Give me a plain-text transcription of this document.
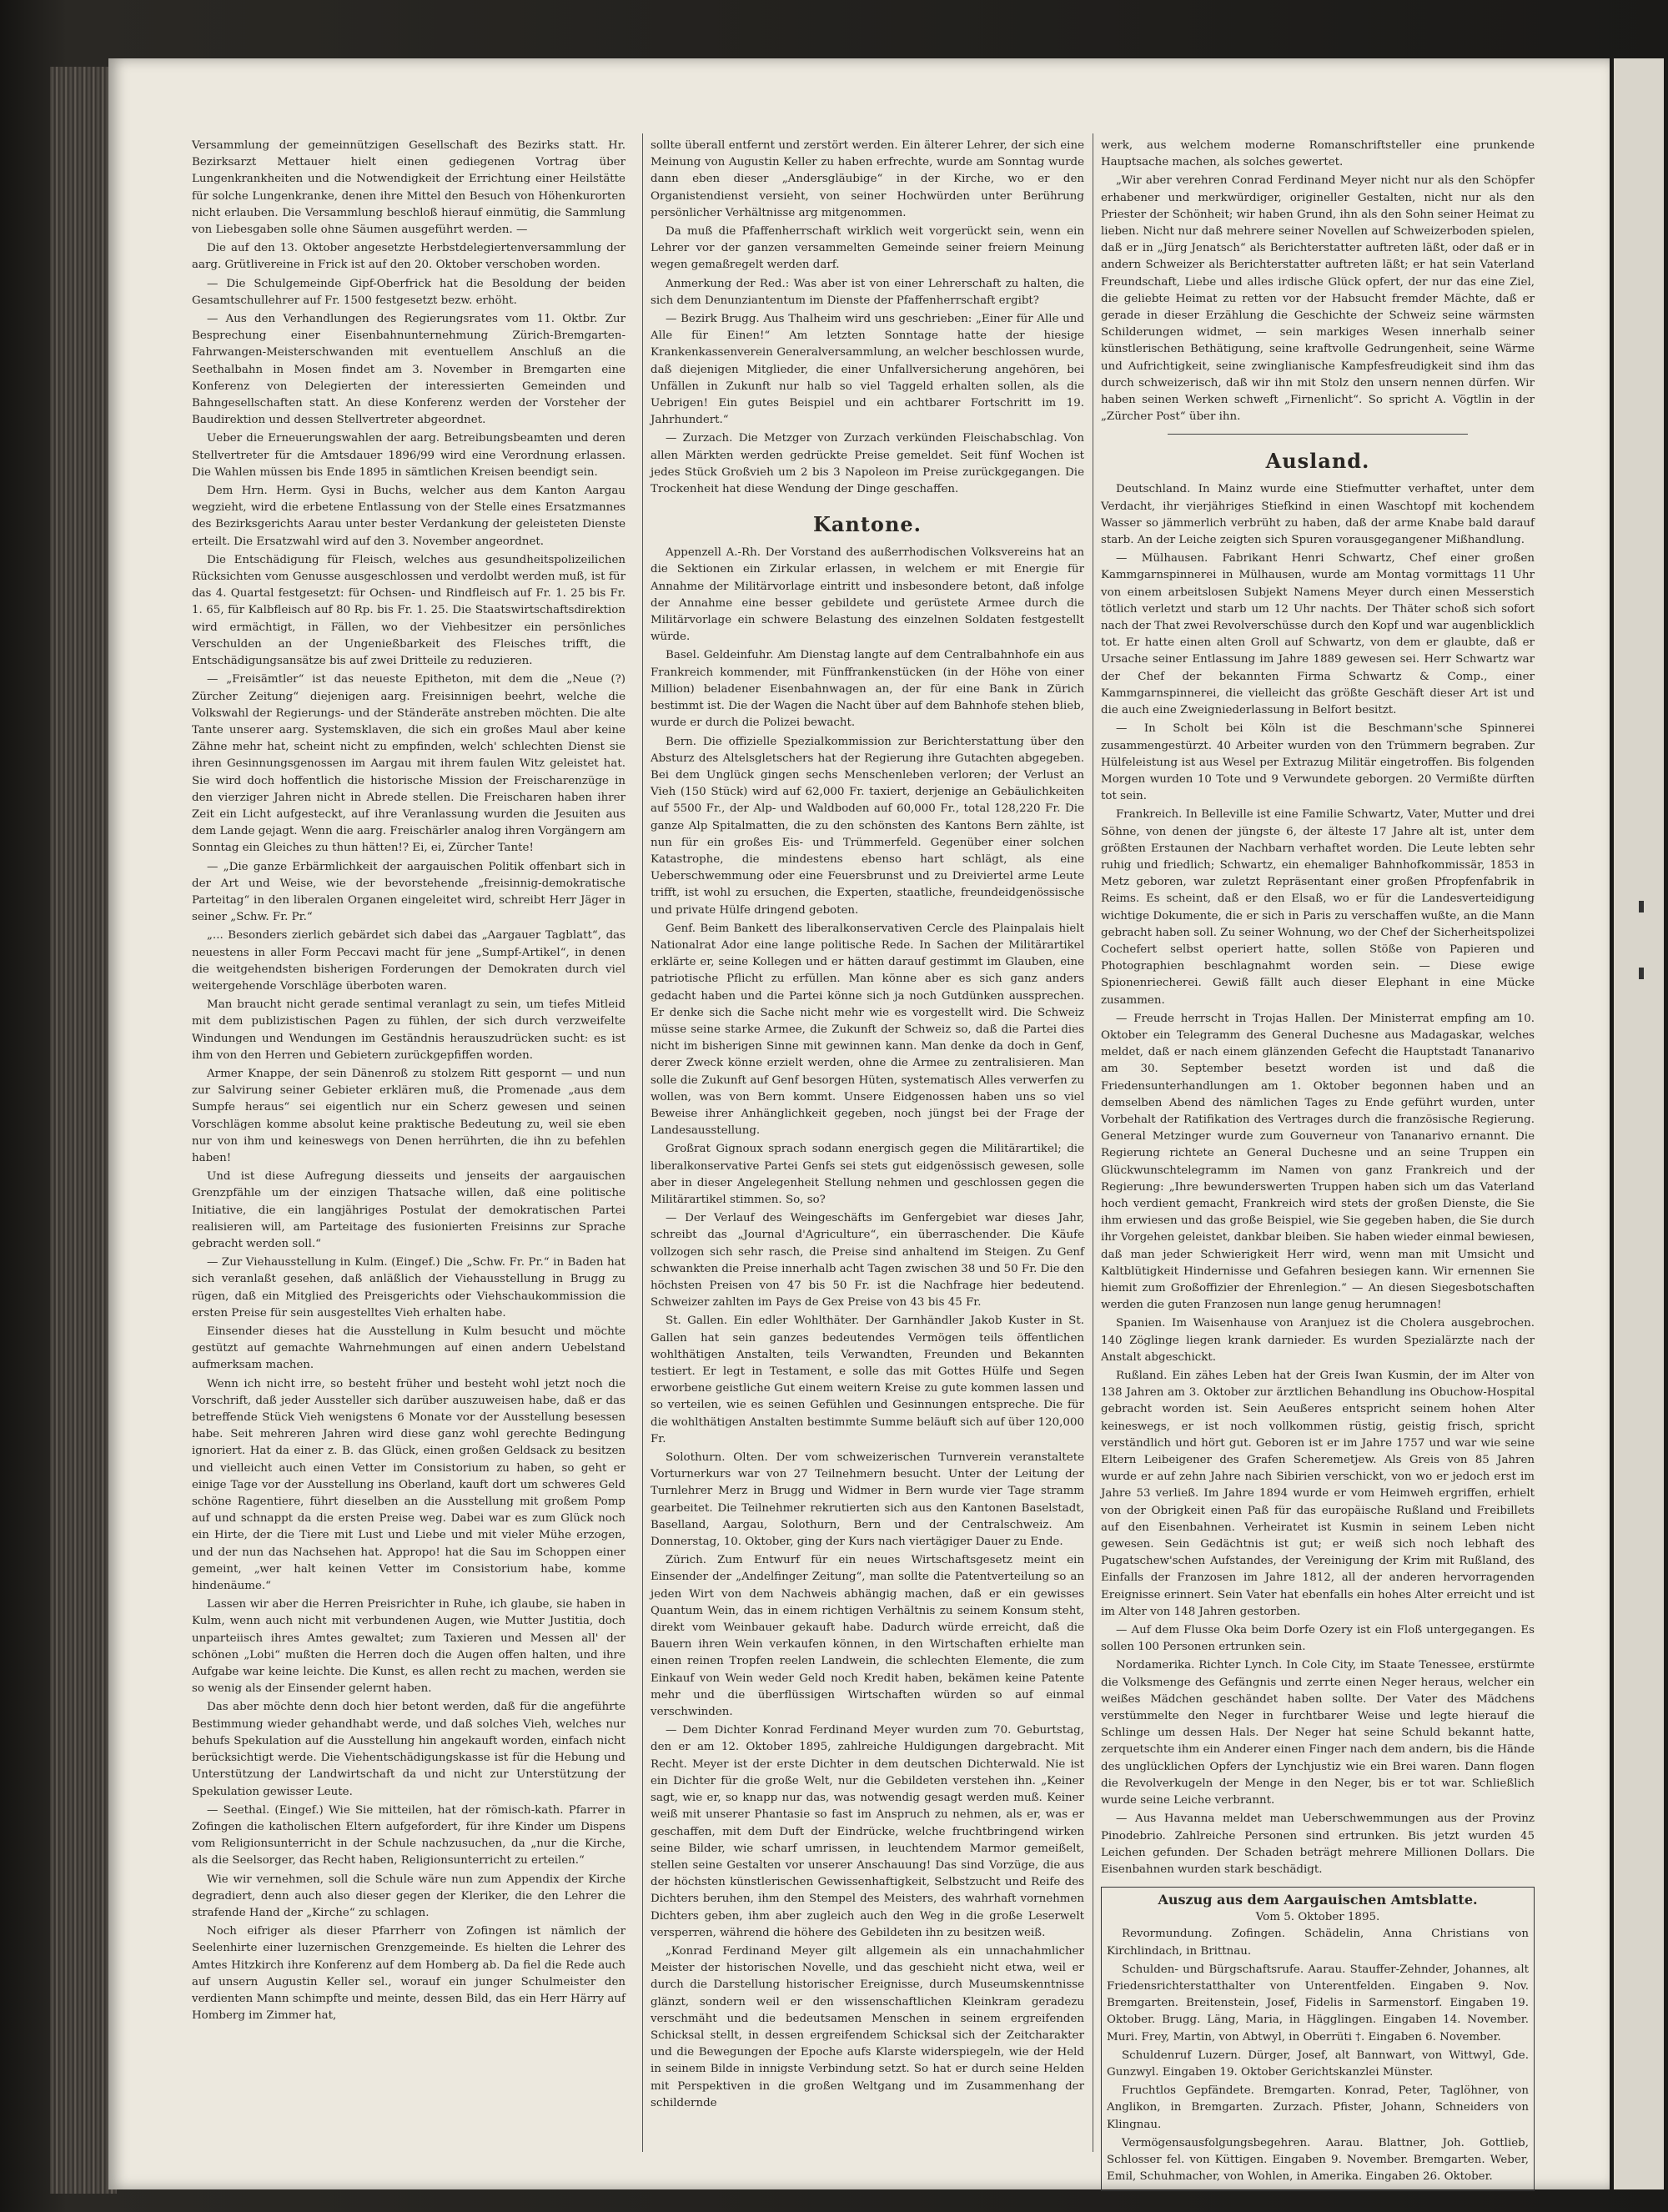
Versammlung der gemeinnützigen Gesellschaft des Bezirks statt. Hr. Bezirksarzt Mettauer hielt einen gediegenen Vortrag über Lungenkrankheiten und die Notwendigkeit der Errichtung einer Heilstätte für solche Lungenkranke, denen ihre Mittel den Besuch von Höhenkurorten nicht erlauben. Die Versammlung beschloß hierauf einmütig, die Sammlung von Liebesgaben solle ohne Säumen ausgeführt werden. —

Die auf den 13. Oktober angesetzte Herbstdelegiertenversammlung der aarg. Grütlivereine in Frick ist auf den 20. Oktober verschoben worden.

— Die Schulgemeinde Gipf-Oberfrick hat die Besoldung der beiden Gesamtschullehrer auf Fr. 1500 festgesetzt bezw. erhöht.

— Aus den Verhandlungen des Regierungsrates vom 11. Oktbr. Zur Besprechung einer Eisenbahnunternehmung Zürich-Bremgarten-Fahrwangen-Meisterschwanden mit eventuellem Anschluß an die Seethalbahn in Mosen findet am 3. November in Bremgarten eine Konferenz von Delegierten der interessierten Gemeinden und Bahngesellschaften statt. An diese Konferenz werden der Vorsteher der Baudirektion und dessen Stellvertreter abgeordnet.

Ueber die Erneuerungswahlen der aarg. Betreibungsbeamten und deren Stellvertreter für die Amtsdauer 1896/99 wird eine Verordnung erlassen. Die Wahlen müssen bis Ende 1895 in sämtlichen Kreisen beendigt sein.

Dem Hrn. Herm. Gysi in Buchs, welcher aus dem Kanton Aargau wegzieht, wird die erbetene Entlassung von der Stelle eines Ersatzmannes des Bezirksgerichts Aarau unter bester Verdankung der geleisteten Dienste erteilt. Die Ersatzwahl wird auf den 3. November angeordnet.

Die Entschädigung für Fleisch, welches aus gesundheitspolizeilichen Rücksichten vom Genusse ausgeschlossen und verdolbt werden muß, ist für das 4. Quartal festgesetzt: für Ochsen- und Rindfleisch auf Fr. 1. 25 bis Fr. 1. 65, für Kalbfleisch auf 80 Rp. bis Fr. 1. 25. Die Staatswirtschaftsdirektion wird ermächtigt, in Fällen, wo der Viehbesitzer ein persönliches Verschulden an der Ungenießbarkeit des Fleisches trifft, die Entschädigungsansätze bis auf zwei Dritteile zu reduzieren.

— „Freisämtler“ ist das neueste Epitheton, mit dem die „Neue (?) Zürcher Zeitung“ diejenigen aarg. Freisinnigen beehrt, welche die Volkswahl der Regierungs- und der Ständeräte anstreben möchten. Die alte Tante unserer aarg. Systemsklaven, die sich ein großes Maul aber keine Zähne mehr hat, scheint nicht zu empfinden, welch' schlechten Dienst sie ihren Gesinnungsgenossen im Aargau mit ihrem faulen Witz geleistet hat. Sie wird doch hoffentlich die historische Mission der Freischarenzüge in den vierziger Jahren nicht in Abrede stellen. Die Freischaren haben ihrer Zeit ein Licht aufgesteckt, auf ihre Veranlassung wurden die Jesuiten aus dem Lande gejagt. Wenn die aarg. Freischärler analog ihren Vorgängern am Sonntag ein Gleiches zu thun hätten!? Ei, ei, Zürcher Tante!

— „Die ganze Erbärmlichkeit der aargauischen Politik offenbart sich in der Art und Weise, wie der bevorstehende „freisinnig-demokratische Parteitag“ in den liberalen Organen eingeleitet wird, schreibt Herr Jäger in seiner „Schw. Fr. Pr.“

„... Besonders zierlich gebärdet sich dabei das „Aargauer Tagblatt“, das neuestens in aller Form Peccavi macht für jene „Sumpf-Artikel“, in denen die weitgehendsten bisherigen Forderungen der Demokraten durch viel weitergehende Vorschläge überboten waren.

Man braucht nicht gerade sentimal veranlagt zu sein, um tiefes Mitleid mit dem publizistischen Pagen zu fühlen, der sich durch verzweifelte Windungen und Wendungen im Geständnis herauszudrücken sucht: es ist ihm von den Herren und Gebietern zurückgepfiffen worden.

Armer Knappe, der sein Dänenroß zu stolzem Ritt gespornt — und nun zur Salvirung seiner Gebieter erklären muß, die Promenade „aus dem Sumpfe heraus“ sei eigentlich nur ein Scherz gewesen und seinen Vorschlägen komme absolut keine praktische Bedeutung zu, weil sie eben nur von ihm und keineswegs von Denen herrührten, die ihn zu befehlen haben!

Und ist diese Aufregung diesseits und jenseits der aargauischen Grenzpfähle um der einzigen Thatsache willen, daß eine politische Initiative, die ein langjähriges Postulat der demokratischen Partei realisieren will, am Parteitage des fusionierten Freisinns zur Sprache gebracht werden soll.“

— Zur Viehausstellung in Kulm. (Eingef.) Die „Schw. Fr. Pr.“ in Baden hat sich veranlaßt gesehen, daß anläßlich der Viehausstellung in Brugg zu rügen, daß ein Mitglied des Preisgerichts oder Viehschaukommission die ersten Preise für sein ausgestelltes Vieh erhalten habe.

Einsender dieses hat die Ausstellung in Kulm besucht und möchte gestützt auf gemachte Wahrnehmungen auf einen andern Uebelstand aufmerksam machen.

Wenn ich nicht irre, so besteht früher und besteht wohl jetzt noch die Vorschrift, daß jeder Aussteller sich darüber auszuweisen habe, daß er das betreffende Stück Vieh wenigstens 6 Monate vor der Ausstellung besessen habe. Seit mehreren Jahren wird diese ganz wohl gerechte Bedingung ignoriert. Hat da einer z. B. das Glück, einen großen Geldsack zu besitzen und vielleicht auch einen Vetter im Consistorium zu haben, so geht er einige Tage vor der Ausstellung ins Oberland, kauft dort um schweres Geld schöne Ragentiere, führt dieselben an die Ausstellung mit großem Pomp auf und schnappt da die ersten Preise weg. Dabei war es zum Glück noch ein Hirte, der die Tiere mit Lust und Liebe und mit vieler Mühe erzogen, und der nun das Nachsehen hat. Appropo! hat die Sau im Schoppen einer gemeint, „wer halt keinen Vetter im Consistorium habe, komme hindenäume.“

Lassen wir aber die Herren Preisrichter in Ruhe, ich glaube, sie haben in Kulm, wenn auch nicht mit verbundenen Augen, wie Mutter Justitia, doch unparteiisch ihres Amtes gewaltet; zum Taxieren und Messen all' der schönen „Lobi“ mußten die Herren doch die Augen offen halten, und ihre Aufgabe war keine leichte. Die Kunst, es allen recht zu machen, werden sie so wenig als der Einsender gelernt haben.

Das aber möchte denn doch hier betont werden, daß für die angeführte Bestimmung wieder gehandhabt werde, und daß solches Vieh, welches nur behufs Spekulation auf die Ausstellung hin angekauft worden, einfach nicht berücksichtigt werde. Die Viehentschädigungskasse ist für die Hebung und Unterstützung der Landwirtschaft da und nicht zur Unterstützung der Spekulation gewisser Leute.

— Seethal. (Eingef.) Wie Sie mitteilen, hat der römisch-kath. Pfarrer in Zofingen die katholischen Eltern aufgefordert, für ihre Kinder um Dispens vom Religionsunterricht in der Schule nachzusuchen, da „nur die Kirche, als die Seelsorger, das Recht haben, Religionsunterricht zu erteilen.“

Wie wir vernehmen, soll die Schule wäre nun zum Appendix der Kirche degradiert, denn auch also dieser gegen der Kleriker, die den Lehrer die strafende Hand der „Kirche“ zu schlagen.

Noch eifriger als dieser Pfarrherr von Zofingen ist nämlich der Seelenhirte einer luzernischen Grenzgemeinde. Es hielten die Lehrer des Amtes Hitzkirch ihre Konferenz auf dem Homberg ab. Da fiel die Rede auch auf unsern Augustin Keller sel., worauf ein junger Schulmeister den verdienten Mann schimpfte und meinte, dessen Bild, das ein Herr Härry auf Homberg im Zimmer hat,

sollte überall entfernt und zerstört werden. Ein älterer Lehrer, der sich eine Meinung von Augustin Keller zu haben erfrechte, wurde am Sonntag wurde dann eben dieser „Andersgläubige“ in der Kirche, wo er den Organistendienst versieht, von seiner Hochwürden unter Berührung persönlicher Verhältnisse arg mitgenommen.

Da muß die Pfaffenherrschaft wirklich weit vorgerückt sein, wenn ein Lehrer vor der ganzen versammelten Gemeinde seiner freiern Meinung wegen gemaßregelt werden darf.

Anmerkung der Red.: Was aber ist von einer Lehrerschaft zu halten, die sich dem Denunziantentum im Dienste der Pfaffenherrschaft ergibt?

— Bezirk Brugg. Aus Thalheim wird uns geschrieben: „Einer für Alle und Alle für Einen!“ Am letzten Sonntage hatte der hiesige Krankenkassenverein Generalversammlung, an welcher beschlossen wurde, daß diejenigen Mitglieder, die einer Unfallversicherung angehören, bei Unfällen in Zukunft nur halb so viel Taggeld erhalten sollen, als die Uebrigen! Ein gutes Beispiel und ein achtbarer Fortschritt im 19. Jahrhundert.“

— Zurzach. Die Metzger von Zurzach verkünden Fleischabschlag. Von allen Märkten werden gedrückte Preise gemeldet. Seit fünf Wochen ist jedes Stück Großvieh um 2 bis 3 Napoleon im Preise zurückgegangen. Die Trockenheit hat diese Wendung der Dinge geschaffen.

Kantone.

Appenzell A.-Rh. Der Vorstand des außerrhodischen Volksvereins hat an die Sektionen ein Zirkular erlassen, in welchem er mit Energie für Annahme der Militärvorlage eintritt und insbesondere betont, daß infolge der Annahme eine besser gebildete und gerüstete Armee durch die Militärvorlage ein schwere Belastung des einzelnen Soldaten festgestellt würde.

Basel. Geldeinfuhr. Am Dienstag langte auf dem Centralbahnhofe ein aus Frankreich kommender, mit Fünffrankenstücken (in der Höhe von einer Million) beladener Eisenbahnwagen an, der für eine Bank in Zürich bestimmt ist. Die der Wagen die Nacht über auf dem Bahnhofe stehen blieb, wurde er durch die Polizei bewacht.

Bern. Die offizielle Spezialkommission zur Berichterstattung über den Absturz des Altelsgletschers hat der Regierung ihre Gutachten abgegeben. Bei dem Unglück gingen sechs Menschenleben verloren; der Verlust an Vieh (150 Stück) wird auf 62,000 Fr. taxiert, derjenige an Gebäulichkeiten auf 5500 Fr., der Alp- und Waldboden auf 60,000 Fr., total 128,220 Fr. Die ganze Alp Spitalmatten, die zu den schönsten des Kantons Bern zählte, ist nun für ein großes Eis- und Trümmerfeld. Gegenüber einer solchen Katastrophe, die mindestens ebenso hart schlägt, als eine Ueberschwemmung oder eine Feuersbrunst und zu Dreiviertel arme Leute trifft, ist wohl zu ersuchen, die Experten, staatliche, freundeidgenössische und private Hülfe dringend geboten.

Genf. Beim Bankett des liberalkonservativen Cercle des Plainpalais hielt Nationalrat Ador eine lange politische Rede. In Sachen der Militärartikel erklärte er, seine Kollegen und er hätten darauf gestimmt im Glauben, eine patriotische Pflicht zu erfüllen. Man könne aber es sich ganz anders gedacht haben und die Partei könne sich ja noch Gutdünken aussprechen. Er denke sich die Sache nicht mehr wie es vorgestellt wird. Die Schweiz müsse seine starke Armee, die Zukunft der Schweiz so, daß die Partei dies nicht im bisherigen Sinne mit gewinnen kann. Man denke da doch in Genf, derer Zweck könne erzielt werden, ohne die Armee zu zentralisieren. Man solle die Zukunft auf Genf besorgen Hüten, systematisch Alles verwerfen zu wollen, was von Bern kommt. Unsere Eidgenossen haben uns so viel Beweise ihrer Anhänglichkeit gegeben, noch jüngst bei der Frage der Landesausstellung.

Großrat Gignoux sprach sodann energisch gegen die Militärartikel; die liberalkonservative Partei Genfs sei stets gut eidgenössisch gewesen, solle aber in dieser Angelegenheit Stellung nehmen und geschlossen gegen die Militärartikel stimmen. So, so?

— Der Verlauf des Weingeschäfts im Genfergebiet war dieses Jahr, schreibt das „Journal d'Agriculture“, ein überraschender. Die Käufe vollzogen sich sehr rasch, die Preise sind anhaltend im Steigen. Zu Genf schwankten die Preise innerhalb acht Tagen zwischen 38 und 50 Fr. Die den höchsten Preisen von 47 bis 50 Fr. ist die Nachfrage hier bedeutend. Schweizer zahlten im Pays de Gex Preise von 43 bis 45 Fr.

St. Gallen. Ein edler Wohlthäter. Der Garnhändler Jakob Kuster in St. Gallen hat sein ganzes bedeutendes Vermögen teils öffentlichen wohlthätigen Anstalten, teils Verwandten, Freunden und Bekannten testiert. Er legt in Testament, e solle das mit Gottes Hülfe und Segen erworbene geistliche Gut einem weitern Kreise zu gute kommen lassen und so verteilen, wie es seinen Gefühlen und Gesinnungen entspreche. Die für die wohlthätigen Anstalten bestimmte Summe beläuft sich auf über 120,000 Fr.

Solothurn. Olten. Der vom schweizerischen Turnverein veranstaltete Vorturnerkurs war von 27 Teilnehmern besucht. Unter der Leitung der Turnlehrer Merz in Brugg und Widmer in Bern wurde vier Tage stramm gearbeitet. Die Teilnehmer rekrutierten sich aus den Kantonen Baselstadt, Baselland, Aargau, Solothurn, Bern und der Centralschweiz. Am Donnerstag, 10. Oktober, ging der Kurs nach viertägiger Dauer zu Ende.

Zürich. Zum Entwurf für ein neues Wirtschaftsgesetz meint ein Einsender der „Andelfinger Zeitung“, man sollte die Patentverteilung so an jeden Wirt von dem Nachweis abhängig machen, daß er ein gewisses Quantum Wein, das in einem richtigen Verhältnis zu seinem Konsum steht, direkt vom Weinbauer gekauft habe. Dadurch würde erreicht, daß die Bauern ihren Wein verkaufen können, in den Wirtschaften erhielte man einen reinen Tropfen reelen Landwein, die schlechten Elemente, die zum Einkauf von Wein weder Geld noch Kredit haben, bekämen keine Patente mehr und die überflüssigen Wirtschaften würden so auf einmal verschwinden.

— Dem Dichter Konrad Ferdinand Meyer wurden zum 70. Geburtstag, den er am 12. Oktober 1895, zahlreiche Huldigungen dargebracht. Mit Recht. Meyer ist der erste Dichter in dem deutschen Dichterwald. Nie ist ein Dichter für die große Welt, nur die Gebildeten verstehen ihn. „Keiner sagt, wie er, so knapp nur das, was notwendig gesagt werden muß. Keiner weiß mit unserer Phantasie so fast im Anspruch zu nehmen, als er, was er geschaffen, mit dem Duft der Eindrücke, welche fruchtbringend wirken seine Bilder, wie scharf umrissen, in leuchtendem Marmor gemeißelt, stellen seine Gestalten vor unserer Anschauung! Das sind Vorzüge, die aus der höchsten künstlerischen Gewissenhaftigkeit, Selbstzucht und Reife des Dichters beruhen, ihm den Stempel des Meisters, des wahrhaft vornehmen Dichters geben, ihm aber zugleich auch den Weg in die große Leserwelt versperren, während die höhere des Gebildeten ihn zu besitzen weiß.

„Konrad Ferdinand Meyer gilt allgemein als ein unnachahmlicher Meister der historischen Novelle, und das geschieht nicht etwa, weil er durch die Darstellung historischer Ereignisse, durch Museumskenntnisse glänzt, sondern weil er den wissenschaftlichen Kleinkram geradezu verschmäht und die bedeutsamen Menschen in seinem ergreifenden Schicksal stellt, in dessen ergreifendem Schicksal sich der Zeitcharakter und die Bewegungen der Epoche aufs Klarste widerspiegeln, wie der Held in seinem Bilde in innigste Verbindung setzt. So hat er durch seine Helden mit Perspektiven in die großen Weltgang und im Zusammenhang der schildernde

werk, aus welchem moderne Romanschriftsteller eine prunkende Hauptsache machen, als solches gewertet.

„Wir aber verehren Conrad Ferdinand Meyer nicht nur als den Schöpfer erhabener und merkwürdiger, origineller Gestalten, nicht nur als den Priester der Schönheit; wir haben Grund, ihn als den Sohn seiner Heimat zu lieben. Nicht nur daß mehrere seiner Novellen auf Schweizerboden spielen, daß er in „Jürg Jenatsch“ als Berichterstatter auftreten läßt, oder daß er in andern Schweizer als Berichterstatter auftreten läßt; er hat sein Vaterland Freundschaft, Liebe und alles irdische Glück opfert, der nur das eine Ziel, die geliebte Heimat zu retten vor der Habsucht fremder Mächte, daß er gerade in dieser Erzählung die Geschichte der Schweiz seine wärmsten Schilderungen widmet, — sein markiges Wesen innerhalb seiner künstlerischen Bethätigung, seine kraftvolle Gedrungenheit, seine Wärme und Aufrichtigkeit, seine zwinglianische Kampfesfreudigkeit sind ihm das durch schweizerisch, daß wir ihn mit Stolz den unsern nennen dürfen. Wir haben seinen Werken schweft „Firnenlicht“. So spricht A. Vögtlin in der „Zürcher Post“ über ihn.

Ausland.

Deutschland. In Mainz wurde eine Stiefmutter verhaftet, unter dem Verdacht, ihr vierjähriges Stiefkind in einen Waschtopf mit kochendem Wasser so jämmerlich verbrüht zu haben, daß der arme Knabe bald darauf starb. An der Leiche zeigten sich Spuren vorausgegangener Mißhandlung.

— Mülhausen. Fabrikant Henri Schwartz, Chef einer großen Kammgarnspinnerei in Mülhausen, wurde am Montag vormittags 11 Uhr von einem arbeitslosen Subjekt Namens Meyer durch einen Messerstich tötlich verletzt und starb um 12 Uhr nachts. Der Thäter schoß sich sofort nach der That zwei Revolverschüsse durch den Kopf und war augenblicklich tot. Er hatte einen alten Groll auf Schwartz, von dem er glaubte, daß er Ursache seiner Entlassung im Jahre 1889 gewesen sei. Herr Schwartz war der Chef der bekannten Firma Schwartz & Comp., einer Kammgarnspinnerei, die vielleicht das größte Geschäft dieser Art ist und die auch eine Zweigniederlassung in Belfort besitzt.

— In Scholt bei Köln ist die Beschmann'sche Spinnerei zusammengestürzt. 40 Arbeiter wurden von den Trümmern begraben. Zur Hülfeleistung ist aus Wesel per Extrazug Militär eingetroffen. Bis folgenden Morgen wurden 10 Tote und 9 Verwundete geborgen. 20 Vermißte dürften tot sein.

Frankreich. In Belleville ist eine Familie Schwartz, Vater, Mutter und drei Söhne, von denen der jüngste 6, der älteste 17 Jahre alt ist, unter dem größten Erstaunen der Nachbarn verhaftet worden. Die Leute lebten sehr ruhig und friedlich; Schwartz, ein ehemaliger Bahnhofkommissär, 1853 in Metz geboren, war zuletzt Repräsentant einer großen Pfropfenfabrik in Reims. Es scheint, daß er den Elsaß, wo er für die Landesverteidigung wichtige Dokumente, die er sich in Paris zu verschaffen wußte, an die Mann gebracht haben soll. Zu seiner Wohnung, wo der Chef der Sicherheitspolizei Cochefert selbst operiert hatte, sollen Stöße von Papieren und Photographien beschlagnahmt worden sein. — Diese ewige Spionenriecherei. Gewiß fällt auch dieser Elephant in eine Mücke zusammen.

— Freude herrscht in Trojas Hallen. Der Ministerrat empfing am 10. Oktober ein Telegramm des General Duchesne aus Madagaskar, welches meldet, daß er nach einem glänzenden Gefecht die Hauptstadt Tananarivo am 30. September besetzt worden ist und daß die Friedensunterhandlungen am 1. Oktober begonnen haben und an demselben Abend des nämlichen Tages zu Ende geführt wurden, unter Vorbehalt der Ratifikation des Vertrages durch die französische Regierung. General Metzinger wurde zum Gouverneur von Tananarivo ernannt. Die Regierung richtete an General Duchesne und an seine Truppen ein Glückwunschtelegramm im Namen von ganz Frankreich und der Regierung: „Ihre bewunderswerten Truppen haben sich um das Vaterland hoch verdient gemacht, Frankreich wird stets der großen Dienste, die Sie ihm erwiesen und das große Beispiel, wie Sie gegeben haben, die Sie durch ihr Vorgehen geleistet, dankbar bleiben. Sie haben wieder einmal bewiesen, daß man jeder Schwierigkeit Herr wird, wenn man mit Umsicht und Kaltblütigkeit Hindernisse und Gefahren besiegen kann. Wir ernennen Sie hiemit zum Großoffizier der Ehrenlegion.“ — An diesen Siegesbotschaften werden die guten Franzosen nun lange genug herumnagen!

Spanien. Im Waisenhause von Aranjuez ist die Cholera ausgebrochen. 140 Zöglinge liegen krank darnieder. Es wurden Spezialärzte nach der Anstalt abgeschickt.

Rußland. Ein zähes Leben hat der Greis Iwan Kusmin, der im Alter von 138 Jahren am 3. Oktober zur ärztlichen Behandlung ins Obuchow-Hospital gebracht worden ist. Sein Aeußeres entspricht seinem hohen Alter keineswegs, er ist noch vollkommen rüstig, geistig frisch, spricht verständlich und hört gut. Geboren ist er im Jahre 1757 und war wie seine Eltern Leibeigener des Grafen Scheremetjew. Als Greis von 85 Jahren wurde er auf zehn Jahre nach Sibirien verschickt, von wo er jedoch erst im Jahre 53 verließ. Im Jahre 1894 wurde er vom Heimweh ergriffen, erhielt von der Obrigkeit einen Paß für das europäische Rußland und Freibillets auf den Eisenbahnen. Verheiratet ist Kusmin in seinem Leben nicht gewesen. Sein Gedächtnis ist gut; er weiß sich noch lebhaft des Pugatschew'schen Aufstandes, der Vereinigung der Krim mit Rußland, des Einfalls der Franzosen im Jahre 1812, all der anderen hervorragenden Ereignisse erinnert. Sein Vater hat ebenfalls ein hohes Alter erreicht und ist im Alter von 148 Jahren gestorben.

— Auf dem Flusse Oka beim Dorfe Ozery ist ein Floß untergegangen. Es sollen 100 Personen ertrunken sein.

Nordamerika. Richter Lynch. In Cole City, im Staate Tenessee, erstürmte die Volksmenge des Gefängnis und zerrte einen Neger heraus, welcher ein weißes Mädchen geschändet haben sollte. Der Vater des Mädchens verstümmelte den Neger in furchtbarer Weise und legte hierauf die Schlinge um dessen Hals. Der Neger hat seine Schuld bekannt hatte, zerquetschte ihm ein Anderer einen Finger nach dem andern, bis die Hände des unglücklichen Opfers der Lynchjustiz wie ein Brei waren. Dann flogen die Revolverkugeln der Menge in den Neger, bis er tot war. Schließlich wurde seine Leiche verbrannt.

— Aus Havanna meldet man Ueberschwemmungen aus der Provinz Pinodebrio. Zahlreiche Personen sind ertrunken. Bis jetzt wurden 45 Leichen gefunden. Der Schaden beträgt mehrere Millionen Dollars. Die Eisenbahnen wurden stark beschädigt.

Auszug aus dem Aargauischen Amtsblatte.
Vom 5. Oktober 1895.

Revormundung. Zofingen. Schädelin, Anna Christians von Kirchlindach, in Brittnau.

Schulden- und Bürgschaftsrufe. Aarau. Stauffer-Zehnder, Johannes, alt Friedensrichterstatthalter von Unterentfelden. Eingaben 9. Nov. Bremgarten. Breitenstein, Josef, Fidelis in Sarmenstorf. Eingaben 19. Oktober. Brugg. Läng, Maria, in Hägglingen. Eingaben 14. November. Muri. Frey, Martin, von Abtwyl, in Oberrüti †. Eingaben 6. November.

Schuldenruf Luzern. Dürger, Josef, alt Bannwart, von Wittwyl, Gde. Gunzwyl. Eingaben 19. Oktober Gerichtskanzlei Münster.

Fruchtlos Gepfändete. Bremgarten. Konrad, Peter, Taglöhner, von Anglikon, in Bremgarten. Zurzach. Pfister, Johann, Schneiders von Klingnau.

Vermögensausfolgungsbegehren. Aarau. Blattner, Joh. Gottlieb, Schlosser fel. von Küttigen. Eingaben 9. November. Bremgarten. Weber, Emil, Schuhmacher, von Wohlen, in Amerika. Eingaben 26. Oktober.
